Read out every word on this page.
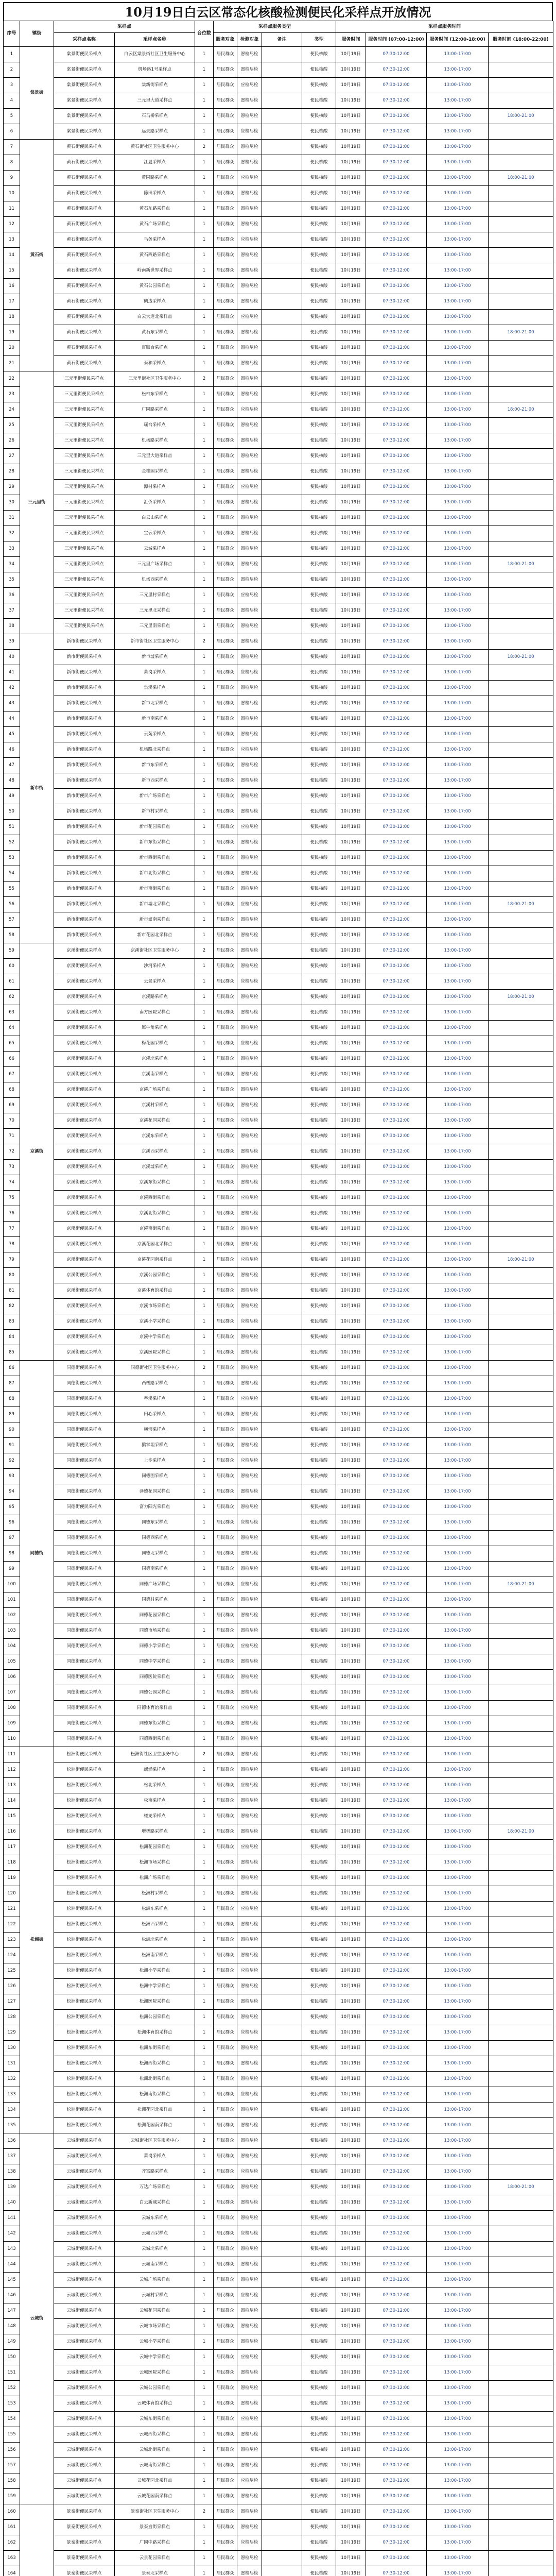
10月19日白云区常态化核酸检测便民化采样点开放情况
序号	镇街	采样点		台位数	采样点服务类型				采样点服务时间			
		采样点名称	采样点名称		服务对象	检测对象	备注	类型	服务时间	服务时间 (07:00-12:00)	服务时间 (12:00-18:00)	服务时间 (18:00-22:00)
1	棠景街	棠景街便民采样点	白云区棠景街社区卫生服务中心	1	居民群众	愿检尽检		便民核酸	10月19日	07:30-12:00	13:00-17:00	
2		棠景街便民采样点	机场路1号采样点	1	居民群众	愿检尽检		便民核酸	10月19日	07:30-12:00	13:00-17:00	
3		棠景街便民采样点	棠新街采样点	1	居民群众	应检尽检		便民核酸	10月19日	07:30-12:00	13:00-17:00	
4		棠景街便民采样点	三元里大道采样点	1	居民群众	愿检尽检		便民核酸	10月19日	07:30-12:00	13:00-17:00	
5		棠景街便民采样点	石马桥采样点	1	居民群众	愿检尽检		便民核酸	10月19日	07:30-12:00	13:00-17:00	18:00-21:00
6		棠景街便民采样点	远景路采样点	1	居民群众	应检尽检		便民核酸	10月19日	07:30-12:00	13:00-17:00	
7	黄石街	黄石街便民采样点	黄石街社区卫生服务中心	2	居民群众	愿检尽检		便民核酸	10月19日	07:30-12:00	13:00-17:00	
8		黄石街便民采样点	江夏采样点	1	居民群众	愿检尽检		便民核酸	10月19日	07:30-12:00	13:00-17:00	
9		黄石街便民采样点	黄园路采样点	1	居民群众	应检尽检		便民核酸	10月19日	07:30-12:00	13:00-17:00	18:00-21:00
10		黄石街便民采样点	陈田采样点	1	居民群众	愿检尽检		便民核酸	10月19日	07:30-12:00	13:00-17:00	
11		黄石街便民采样点	黄石东路采样点	1	居民群众	愿检尽检		便民核酸	10月19日	07:30-12:00	13:00-17:00	
12		黄石街便民采样点	黄石广场采样点	1	居民群众	愿检尽检		便民核酸	10月19日	07:30-12:00	13:00-17:00	
13		黄石街便民采样点	马务采样点	1	居民群众	应检尽检		便民核酸	10月19日	07:30-12:00	13:00-17:00	
14		黄石街便民采样点	黄石西路采样点	1	居民群众	愿检尽检		便民核酸	10月19日	07:30-12:00	13:00-17:00	
15		黄石街便民采样点	岭南新世界采样点	1	居民群众	愿检尽检		便民核酸	10月19日	07:30-12:00	13:00-17:00	
16		黄石街便民采样点	黄石公园采样点	1	居民群众	愿检尽检		便民核酸	10月19日	07:30-12:00	13:00-17:00	
17		黄石街便民采样点	鹤边采样点	1	居民群众	愿检尽检		便民核酸	10月19日	07:30-12:00	13:00-17:00	
18		黄石街便民采样点	白云大道北采样点	1	居民群众	应检尽检		便民核酸	10月19日	07:30-12:00	13:00-17:00	
19		黄石街便民采样点	黄石东采样点	1	居民群众	愿检尽检		便民核酸	10月19日	07:30-12:00	13:00-17:00	18:00-21:00
20		黄石街便民采样点	百顺台采样点	1	居民群众	愿检尽检		便民核酸	10月19日	07:30-12:00	13:00-17:00	
21		黄石街便民采样点	泰和采样点	1	居民群众	愿检尽检		便民核酸	10月19日	07:30-12:00	13:00-17:00	
22	三元里街	三元里街便民采样点	三元里街社区卫生服务中心	2	居民群众	愿检尽检		便民核酸	10月19日	07:30-12:00	13:00-17:00	
23		三元里街便民采样点	松柏东采样点	1	居民群众	愿检尽检		便民核酸	10月19日	07:30-12:00	13:00-17:00	
24		三元里街便民采样点	广园路采样点	1	居民群众	应检尽检		便民核酸	10月19日	07:30-12:00	13:00-17:00	18:00-21:00
25		三元里街便民采样点	瑶台采样点	1	居民群众	愿检尽检		便民核酸	10月19日	07:30-12:00	13:00-17:00	
26		三元里街便民采样点	机场路采样点	1	居民群众	愿检尽检		便民核酸	10月19日	07:30-12:00	13:00-17:00	
27		三元里街便民采样点	三元里大道采样点	1	居民群众	愿检尽检		便民核酸	10月19日	07:30-12:00	13:00-17:00	
28		三元里街便民采样点	金桂园采样点	1	居民群众	愿检尽检		便民核酸	10月19日	07:30-12:00	13:00-17:00	
29		三元里街便民采样点	潭村采样点	1	居民群众	应检尽检		便民核酸	10月19日	07:30-12:00	13:00-17:00	
30		三元里街便民采样点	汇侨采样点	1	居民群众	愿检尽检		便民核酸	10月19日	07:30-12:00	13:00-17:00	
31		三元里街便民采样点	白云山采样点	1	居民群众	愿检尽检		便民核酸	10月19日	07:30-12:00	13:00-17:00	
32		三元里街便民采样点	宝云采样点	1	居民群众	愿检尽检		便民核酸	10月19日	07:30-12:00	13:00-17:00	
33		三元里街便民采样点	云城采样点	1	居民群众	愿检尽检		便民核酸	10月19日	07:30-12:00	13:00-17:00	
34		三元里街便民采样点	三元里广场采样点	1	居民群众	愿检尽检		便民核酸	10月19日	07:30-12:00	13:00-17:00	18:00-21:00
35		三元里街便民采样点	机场西采样点	1	居民群众	愿检尽检		便民核酸	10月19日	07:30-12:00	13:00-17:00	
36		三元里街便民采样点	三元里村采样点	1	居民群众	应检尽检		便民核酸	10月19日	07:30-12:00	13:00-17:00	
37		三元里街便民采样点	三元里北采样点	1	居民群众	愿检尽检		便民核酸	10月19日	07:30-12:00	13:00-17:00	
38		三元里街便民采样点	三元里南采样点	1	居民群众	愿检尽检		便民核酸	10月19日	07:30-12:00	13:00-17:00	
39	新市街	新市街便民采样点	新市街社区卫生服务中心	2	居民群众	愿检尽检		便民核酸	10月19日	07:30-12:00	13:00-17:00	
40		新市街便民采样点	新市墟采样点	1	居民群众	愿检尽检		便民核酸	10月19日	07:30-12:00	13:00-17:00	18:00-21:00
41		新市街便民采样点	萧岗采样点	1	居民群众	应检尽检		便民核酸	10月19日	07:30-12:00	13:00-17:00	
42		新市街便民采样点	棠溪采样点	1	居民群众	愿检尽检		便民核酸	10月19日	07:30-12:00	13:00-17:00	
43		新市街便民采样点	新市北采样点	1	居民群众	愿检尽检		便民核酸	10月19日	07:30-12:00	13:00-17:00	
44		新市街便民采样点	新市南采样点	1	居民群众	愿检尽检		便民核酸	10月19日	07:30-12:00	13:00-17:00	
45		新市街便民采样点	云苑采样点	1	居民群众	愿检尽检		便民核酸	10月19日	07:30-12:00	13:00-17:00	
46		新市街便民采样点	机场路北采样点	1	居民群众	应检尽检		便民核酸	10月19日	07:30-12:00	13:00-17:00	
47		新市街便民采样点	新市东采样点	1	居民群众	愿检尽检		便民核酸	10月19日	07:30-12:00	13:00-17:00	
48		新市街便民采样点	新市西采样点	1	居民群众	愿检尽检		便民核酸	10月19日	07:30-12:00	13:00-17:00	
49		新市街便民采样点	新市广场采样点	1	居民群众	愿检尽检		便民核酸	10月19日	07:30-12:00	13:00-17:00	
50		新市街便民采样点	新市村采样点	1	居民群众	愿检尽检		便民核酸	10月19日	07:30-12:00	13:00-17:00	
51		新市街便民采样点	新市花园采样点	1	居民群众	应检尽检		便民核酸	10月19日	07:30-12:00	13:00-17:00	
52		新市街便民采样点	新市东街采样点	1	居民群众	愿检尽检		便民核酸	10月19日	07:30-12:00	13:00-17:00	
53		新市街便民采样点	新市西街采样点	1	居民群众	愿检尽检		便民核酸	10月19日	07:30-12:00	13:00-17:00	
54		新市街便民采样点	新市北街采样点	1	居民群众	愿检尽检		便民核酸	10月19日	07:30-12:00	13:00-17:00	
55		新市街便民采样点	新市南街采样点	1	居民群众	愿检尽检		便民核酸	10月19日	07:30-12:00	13:00-17:00	
56		新市街便民采样点	新市墟北采样点	1	居民群众	应检尽检		便民核酸	10月19日	07:30-12:00	13:00-17:00	18:00-21:00
57		新市街便民采样点	新市墟南采样点	1	居民群众	愿检尽检		便民核酸	10月19日	07:30-12:00	13:00-17:00	
58		新市街便民采样点	新市花园北采样点	1	居民群众	愿检尽检		便民核酸	10月19日	07:30-12:00	13:00-17:00	
59	京溪街	京溪街便民采样点	京溪街社区卫生服务中心	2	居民群众	愿检尽检		便民核酸	10月19日	07:30-12:00	13:00-17:00	
60		京溪街便民采样点	沙河采样点	1	居民群众	愿检尽检		便民核酸	10月19日	07:30-12:00	13:00-17:00	
61		京溪街便民采样点	云景采样点	1	居民群众	应检尽检		便民核酸	10月19日	07:30-12:00	13:00-17:00	
62		京溪街便民采样点	京溪路采样点	1	居民群众	愿检尽检		便民核酸	10月19日	07:30-12:00	13:00-17:00	18:00-21:00
63		京溪街便民采样点	南方医院采样点	1	居民群众	愿检尽检		便民核酸	10月19日	07:30-12:00	13:00-17:00	
64		京溪街便民采样点	犀牛角采样点	1	居民群众	愿检尽检		便民核酸	10月19日	07:30-12:00	13:00-17:00	
65		京溪街便民采样点	梅花园采样点	1	居民群众	应检尽检		便民核酸	10月19日	07:30-12:00	13:00-17:00	
66		京溪街便民采样点	京溪北采样点	1	居民群众	愿检尽检		便民核酸	10月19日	07:30-12:00	13:00-17:00	
67		京溪街便民采样点	京溪南采样点	1	居民群众	愿检尽检		便民核酸	10月19日	07:30-12:00	13:00-17:00	
68		京溪街便民采样点	京溪广场采样点	1	居民群众	愿检尽检		便民核酸	10月19日	07:30-12:00	13:00-17:00	
69		京溪街便民采样点	京溪村采样点	1	居民群众	愿检尽检		便民核酸	10月19日	07:30-12:00	13:00-17:00	
70		京溪街便民采样点	京溪花园采样点	1	居民群众	应检尽检		便民核酸	10月19日	07:30-12:00	13:00-17:00	
71		京溪街便民采样点	京溪东采样点	1	居民群众	愿检尽检		便民核酸	10月19日	07:30-12:00	13:00-17:00	
72		京溪街便民采样点	京溪西采样点	1	居民群众	愿检尽检		便民核酸	10月19日	07:30-12:00	13:00-17:00	
73		京溪街便民采样点	京溪墟采样点	1	居民群众	愿检尽检		便民核酸	10月19日	07:30-12:00	13:00-17:00	
74		京溪街便民采样点	京溪东街采样点	1	居民群众	愿检尽检		便民核酸	10月19日	07:30-12:00	13:00-17:00	
75		京溪街便民采样点	京溪西街采样点	1	居民群众	应检尽检		便民核酸	10月19日	07:30-12:00	13:00-17:00	
76		京溪街便民采样点	京溪北街采样点	1	居民群众	愿检尽检		便民核酸	10月19日	07:30-12:00	13:00-17:00	
77		京溪街便民采样点	京溪南街采样点	1	居民群众	愿检尽检		便民核酸	10月19日	07:30-12:00	13:00-17:00	
78		京溪街便民采样点	京溪花园北采样点	1	居民群众	愿检尽检		便民核酸	10月19日	07:30-12:00	13:00-17:00	
79		京溪街便民采样点	京溪花园南采样点	1	居民群众	应检尽检		便民核酸	10月19日	07:30-12:00	13:00-17:00	18:00-21:00
80		京溪街便民采样点	京溪公园采样点	1	居民群众	愿检尽检		便民核酸	10月19日	07:30-12:00	13:00-17:00	
81		京溪街便民采样点	京溪体育馆采样点	1	居民群众	愿检尽检		便民核酸	10月19日	07:30-12:00	13:00-17:00	
82		京溪街便民采样点	京溪市场采样点	1	居民群众	愿检尽检		便民核酸	10月19日	07:30-12:00	13:00-17:00	
83		京溪街便民采样点	京溪小学采样点	1	居民群众	应检尽检		便民核酸	10月19日	07:30-12:00	13:00-17:00	
84		京溪街便民采样点	京溪中学采样点	1	居民群众	愿检尽检		便民核酸	10月19日	07:30-12:00	13:00-17:00	
85		京溪街便民采样点	京溪医院采样点	1	居民群众	愿检尽检		便民核酸	10月19日	07:30-12:00	13:00-17:00	
86	同德街	同德街便民采样点	同德街社区卫生服务中心	2	居民群众	愿检尽检		便民核酸	10月19日	07:30-12:00	13:00-17:00	
87		同德街便民采样点	西槎路采样点	1	居民群众	愿检尽检		便民核酸	10月19日	07:30-12:00	13:00-17:00	
88		同德街便民采样点	粤溪采样点	1	居民群众	应检尽检		便民核酸	10月19日	07:30-12:00	13:00-17:00	
89		同德街便民采样点	田心采样点	1	居民群众	愿检尽检		便民核酸	10月19日	07:30-12:00	13:00-17:00	
90		同德街便民采样点	横滘采样点	1	居民群众	愿检尽检		便民核酸	10月19日	07:30-12:00	13:00-17:00	
91		同德街便民采样点	鹅掌坦采样点	1	居民群众	愿检尽检		便民核酸	10月19日	07:30-12:00	13:00-17:00	
92		同德街便民采样点	上步采样点	1	居民群众	应检尽检		便民核酸	10月19日	07:30-12:00	13:00-17:00	
93		同德街便民采样点	同德围采样点	1	居民群众	愿检尽检		便民核酸	10月19日	07:30-12:00	13:00-17:00	
94		同德街便民采样点	泽德花园采样点	1	居民群众	愿检尽检		便民核酸	10月19日	07:30-12:00	13:00-17:00	
95		同德街便民采样点	富力阳光采样点	1	居民群众	愿检尽检		便民核酸	10月19日	07:30-12:00	13:00-17:00	
96		同德街便民采样点	同德东采样点	1	居民群众	应检尽检		便民核酸	10月19日	07:30-12:00	13:00-17:00	
97		同德街便民采样点	同德西采样点	1	居民群众	愿检尽检		便民核酸	10月19日	07:30-12:00	13:00-17:00	
98		同德街便民采样点	同德北采样点	1	居民群众	愿检尽检		便民核酸	10月19日	07:30-12:00	13:00-17:00	
99		同德街便民采样点	同德南采样点	1	居民群众	愿检尽检		便民核酸	10月19日	07:30-12:00	13:00-17:00	
100		同德街便民采样点	同德广场采样点	1	居民群众	应检尽检		便民核酸	10月19日	07:30-12:00	13:00-17:00	18:00-21:00
101		同德街便民采样点	同德村采样点	1	居民群众	愿检尽检		便民核酸	10月19日	07:30-12:00	13:00-17:00	
102		同德街便民采样点	同德花园采样点	1	居民群众	愿检尽检		便民核酸	10月19日	07:30-12:00	13:00-17:00	
103		同德街便民采样点	同德市场采样点	1	居民群众	愿检尽检		便民核酸	10月19日	07:30-12:00	13:00-17:00	
104		同德街便民采样点	同德小学采样点	1	居民群众	应检尽检		便民核酸	10月19日	07:30-12:00	13:00-17:00	
105		同德街便民采样点	同德中学采样点	1	居民群众	愿检尽检		便民核酸	10月19日	07:30-12:00	13:00-17:00	
106		同德街便民采样点	同德医院采样点	1	居民群众	愿检尽检		便民核酸	10月19日	07:30-12:00	13:00-17:00	
107		同德街便民采样点	同德公园采样点	1	居民群众	愿检尽检		便民核酸	10月19日	07:30-12:00	13:00-17:00	
108		同德街便民采样点	同德体育馆采样点	1	居民群众	应检尽检		便民核酸	10月19日	07:30-12:00	13:00-17:00	
109		同德街便民采样点	同德东街采样点	1	居民群众	愿检尽检		便民核酸	10月19日	07:30-12:00	13:00-17:00	
110		同德街便民采样点	同德西街采样点	1	居民群众	愿检尽检		便民核酸	10月19日	07:30-12:00	13:00-17:00	
111	松洲街	松洲街便民采样点	松洲街社区卫生服务中心	2	居民群众	愿检尽检		便民核酸	10月19日	07:30-12:00	13:00-17:00	
112		松洲街便民采样点	螺涌采样点	1	居民群众	愿检尽检		便民核酸	10月19日	07:30-12:00	13:00-17:00	
113		松洲街便民采样点	松北采样点	1	居民群众	应检尽检		便民核酸	10月19日	07:30-12:00	13:00-17:00	
114		松洲街便民采样点	松南采样点	1	居民群众	愿检尽检		便民核酸	10月19日	07:30-12:00	13:00-17:00	
115		松洲街便民采样点	槎龙采样点	1	居民群众	愿检尽检		便民核酸	10月19日	07:30-12:00	13:00-17:00	
116		松洲街便民采样点	增槎路采样点	1	居民群众	愿检尽检		便民核酸	10月19日	07:30-12:00	13:00-17:00	18:00-21:00
117		松洲街便民采样点	松洲花园采样点	1	居民群众	应检尽检		便民核酸	10月19日	07:30-12:00	13:00-17:00	
118		松洲街便民采样点	松洲市场采样点	1	居民群众	愿检尽检		便民核酸	10月19日	07:30-12:00	13:00-17:00	
119		松洲街便民采样点	松洲广场采样点	1	居民群众	愿检尽检		便民核酸	10月19日	07:30-12:00	13:00-17:00	
120		松洲街便民采样点	松洲村采样点	1	居民群众	愿检尽检		便民核酸	10月19日	07:30-12:00	13:00-17:00	
121		松洲街便民采样点	松洲东采样点	1	居民群众	应检尽检		便民核酸	10月19日	07:30-12:00	13:00-17:00	
122		松洲街便民采样点	松洲西采样点	1	居民群众	愿检尽检		便民核酸	10月19日	07:30-12:00	13:00-17:00	
123		松洲街便民采样点	松洲北采样点	1	居民群众	愿检尽检		便民核酸	10月19日	07:30-12:00	13:00-17:00	
124		松洲街便民采样点	松洲南采样点	1	居民群众	愿检尽检		便民核酸	10月19日	07:30-12:00	13:00-17:00	
125		松洲街便民采样点	松洲小学采样点	1	居民群众	应检尽检		便民核酸	10月19日	07:30-12:00	13:00-17:00	
126		松洲街便民采样点	松洲中学采样点	1	居民群众	愿检尽检		便民核酸	10月19日	07:30-12:00	13:00-17:00	
127		松洲街便民采样点	松洲医院采样点	1	居民群众	愿检尽检		便民核酸	10月19日	07:30-12:00	13:00-17:00	
128		松洲街便民采样点	松洲公园采样点	1	居民群众	愿检尽检		便民核酸	10月19日	07:30-12:00	13:00-17:00	
129		松洲街便民采样点	松洲体育馆采样点	1	居民群众	应检尽检		便民核酸	10月19日	07:30-12:00	13:00-17:00	
130		松洲街便民采样点	松洲东街采样点	1	居民群众	愿检尽检		便民核酸	10月19日	07:30-12:00	13:00-17:00	
131		松洲街便民采样点	松洲西街采样点	1	居民群众	愿检尽检		便民核酸	10月19日	07:30-12:00	13:00-17:00	
132		松洲街便民采样点	松洲北街采样点	1	居民群众	愿检尽检		便民核酸	10月19日	07:30-12:00	13:00-17:00	
133		松洲街便民采样点	松洲南街采样点	1	居民群众	应检尽检		便民核酸	10月19日	07:30-12:00	13:00-17:00	
134		松洲街便民采样点	松洲花园北采样点	1	居民群众	愿检尽检		便民核酸	10月19日	07:30-12:00	13:00-17:00	
135		松洲街便民采样点	松洲花园南采样点	1	居民群众	愿检尽检		便民核酸	10月19日	07:30-12:00	13:00-17:00	
136	云城街	云城街便民采样点	云城街社区卫生服务中心	2	居民群众	愿检尽检		便民核酸	10月19日	07:30-12:00	13:00-17:00	
137		云城街便民采样点	萧岗采样点	1	居民群众	愿检尽检		便民核酸	10月19日	07:30-12:00	13:00-17:00	
138		云城街便民采样点	齐富路采样点	1	居民群众	应检尽检		便民核酸	10月19日	07:30-12:00	13:00-17:00	
139		云城街便民采样点	万达广场采样点	1	居民群众	愿检尽检		便民核酸	10月19日	07:30-12:00	13:00-17:00	18:00-21:00
140		云城街便民采样点	白云新城采样点	1	居民群众	愿检尽检		便民核酸	10月19日	07:30-12:00	13:00-17:00	
141		云城街便民采样点	云城东采样点	1	居民群众	愿检尽检		便民核酸	10月19日	07:30-12:00	13:00-17:00	
142		云城街便民采样点	云城西采样点	1	居民群众	应检尽检		便民核酸	10月19日	07:30-12:00	13:00-17:00	
143		云城街便民采样点	云城北采样点	1	居民群众	愿检尽检		便民核酸	10月19日	07:30-12:00	13:00-17:00	
144		云城街便民采样点	云城南采样点	1	居民群众	愿检尽检		便民核酸	10月19日	07:30-12:00	13:00-17:00	
145		云城街便民采样点	云城广场采样点	1	居民群众	愿检尽检		便民核酸	10月19日	07:30-12:00	13:00-17:00	
146		云城街便民采样点	云城村采样点	1	居民群众	应检尽检		便民核酸	10月19日	07:30-12:00	13:00-17:00	
147		云城街便民采样点	云城花园采样点	1	居民群众	愿检尽检		便民核酸	10月19日	07:30-12:00	13:00-17:00	
148		云城街便民采样点	云城市场采样点	1	居民群众	愿检尽检		便民核酸	10月19日	07:30-12:00	13:00-17:00	
149		云城街便民采样点	云城小学采样点	1	居民群众	愿检尽检		便民核酸	10月19日	07:30-12:00	13:00-17:00	
150		云城街便民采样点	云城中学采样点	1	居民群众	应检尽检		便民核酸	10月19日	07:30-12:00	13:00-17:00	
151		云城街便民采样点	云城医院采样点	1	居民群众	愿检尽检		便民核酸	10月19日	07:30-12:00	13:00-17:00	
152		云城街便民采样点	云城公园采样点	1	居民群众	愿检尽检		便民核酸	10月19日	07:30-12:00	13:00-17:00	
153		云城街便民采样点	云城体育馆采样点	1	居民群众	愿检尽检		便民核酸	10月19日	07:30-12:00	13:00-17:00	
154		云城街便民采样点	云城东街采样点	1	居民群众	应检尽检		便民核酸	10月19日	07:30-12:00	13:00-17:00	
155		云城街便民采样点	云城西街采样点	1	居民群众	愿检尽检		便民核酸	10月19日	07:30-12:00	13:00-17:00	
156		云城街便民采样点	云城北街采样点	1	居民群众	愿检尽检		便民核酸	10月19日	07:30-12:00	13:00-17:00	
157		云城街便民采样点	云城南街采样点	1	居民群众	愿检尽检		便民核酸	10月19日	07:30-12:00	13:00-17:00	
158		云城街便民采样点	云城花园北采样点	1	居民群众	应检尽检		便民核酸	10月19日	07:30-12:00	13:00-17:00	
159		云城街便民采样点	云城花园南采样点	1	居民群众	愿检尽检		便民核酸	10月19日	07:30-12:00	13:00-17:00	
160		景泰街便民采样点	景泰街社区卫生服务中心	2	居民群众	愿检尽检		便民核酸	10月19日	07:30-12:00	13:00-17:00	
161		景泰街便民采样点	景泰直街采样点	1	居民群众	愿检尽检		便民核酸	10月19日	07:30-12:00	13:00-17:00	
162		景泰街便民采样点	广园中路采样点	1	居民群众	应检尽检		便民核酸	10月19日	07:30-12:00	13:00-17:00	
163		景泰街便民采样点	云景花园采样点	1	居民群众	愿检尽检		便民核酸	10月19日	07:30-12:00	13:00-17:00	
164		景泰街便民采样点	景泰北采样点	1	居民群众	愿检尽检		便民核酸	10月19日	07:30-12:00	13:00-17:00	
